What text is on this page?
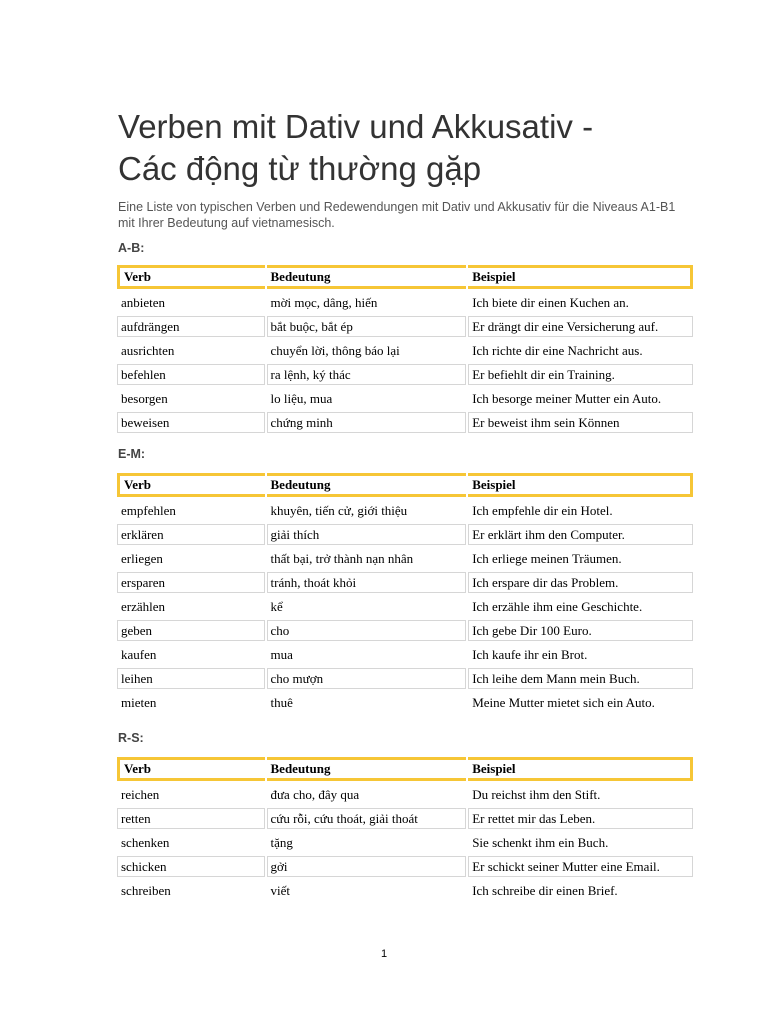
Verben mit Dativ und Akkusativ -
Các động từ thường gặp

Eine Liste von typischen Verben und Redewendungen mit Dativ und Akkusativ für die Niveaus A1-B1 mit Ihrer Bedeutung auf vietnamesisch.

A-B:

Verb	Bedeutung	Beispiel
anbieten	mời mọc, dâng, hiến	Ich biete dir einen Kuchen an.
aufdrängen	bắt buộc, bắt ép	Er drängt dir eine Versicherung auf.
ausrichten	chuyển lời, thông báo lại	Ich richte dir eine Nachricht aus.
befehlen	ra lệnh, ký thác	Er befiehlt dir ein Training.
besorgen	lo liệu, mua	Ich besorge meiner Mutter ein Auto.
beweisen	chứng minh	Er beweist ihm sein Können

E-M:

Verb	Bedeutung	Beispiel
empfehlen	khuyên, tiến cử, giới thiệu	Ich empfehle dir ein Hotel.
erklären	giải thích	Er erklärt ihm den Computer.
erliegen	thất bại, trở thành nạn nhân	Ich erliege meinen Träumen.
ersparen	tránh, thoát khỏi	Ich erspare dir das Problem.
erzählen	kể	Ich erzähle ihm eine Geschichte.
geben	cho	Ich gebe Dir 100 Euro.
kaufen	mua	Ich kaufe ihr ein Brot.
leihen	cho mượn	Ich leihe dem Mann mein Buch.
mieten	thuê	Meine Mutter mietet sich ein Auto.

R-S:

Verb	Bedeutung	Beispiel
reichen	đưa cho, đây qua	Du reichst ihm den Stift.
retten	cứu rỗi, cứu thoát, giải thoát	Er rettet mir das Leben.
schenken	tặng	Sie schenkt ihm ein Buch.
schicken	gởi	Er schickt seiner Mutter eine Email.
schreiben	viết	Ich schreibe dir einen Brief.
1
